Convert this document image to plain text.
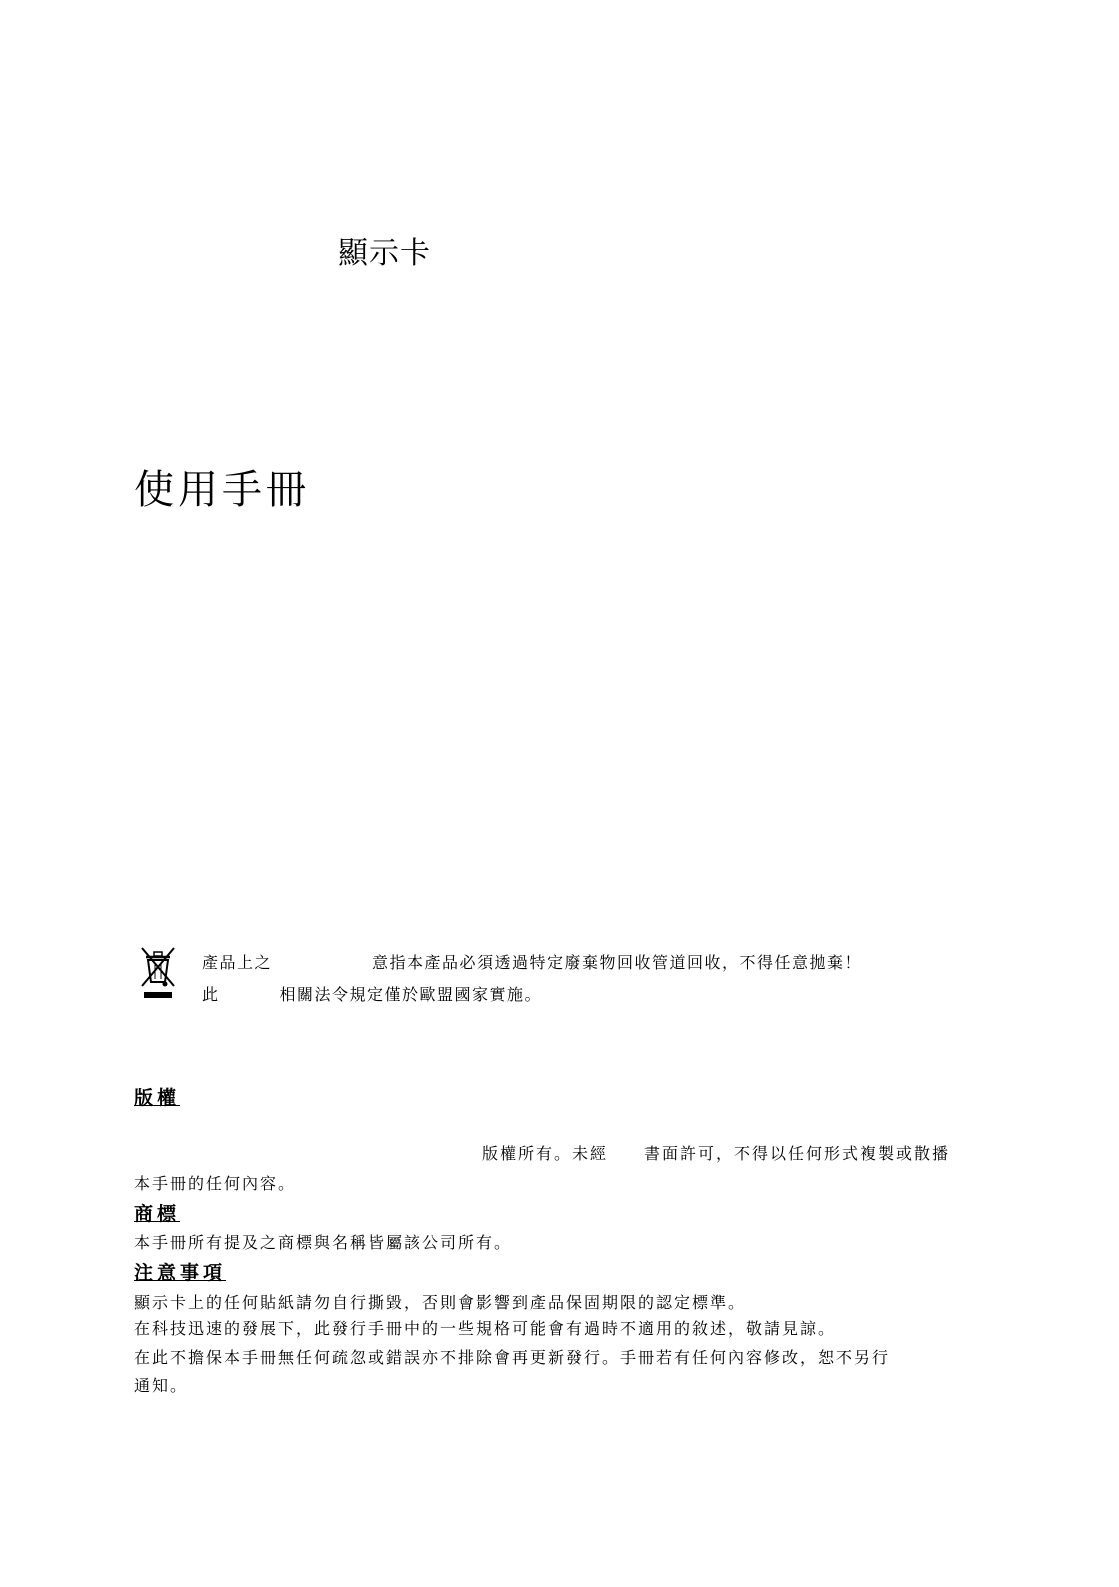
顯示卡
使用手冊
產品上之	意指本產品必須透過特定廢棄物回收管道回收，不得任意拋棄！
此	相關法令規定僅於歐盟國家實施。
版權
版權所有。未經 書面許可，不得以任何形式複製或散播
本手冊的任何內容。
商標
本手冊所有提及之商標與名稱皆屬該公司所有。
注意事項
顯示卡上的任何貼紙請勿自行撕毀，否則會影響到產品保固期限的認定標準。
在科技迅速的發展下，此發行手冊中的一些規格可能會有過時不適用的敘述，敬請見諒。
在此不擔保本手冊無任何疏忽或錯誤亦不排除會再更新發行。手冊若有任何內容修改，恕不另行
通知。
